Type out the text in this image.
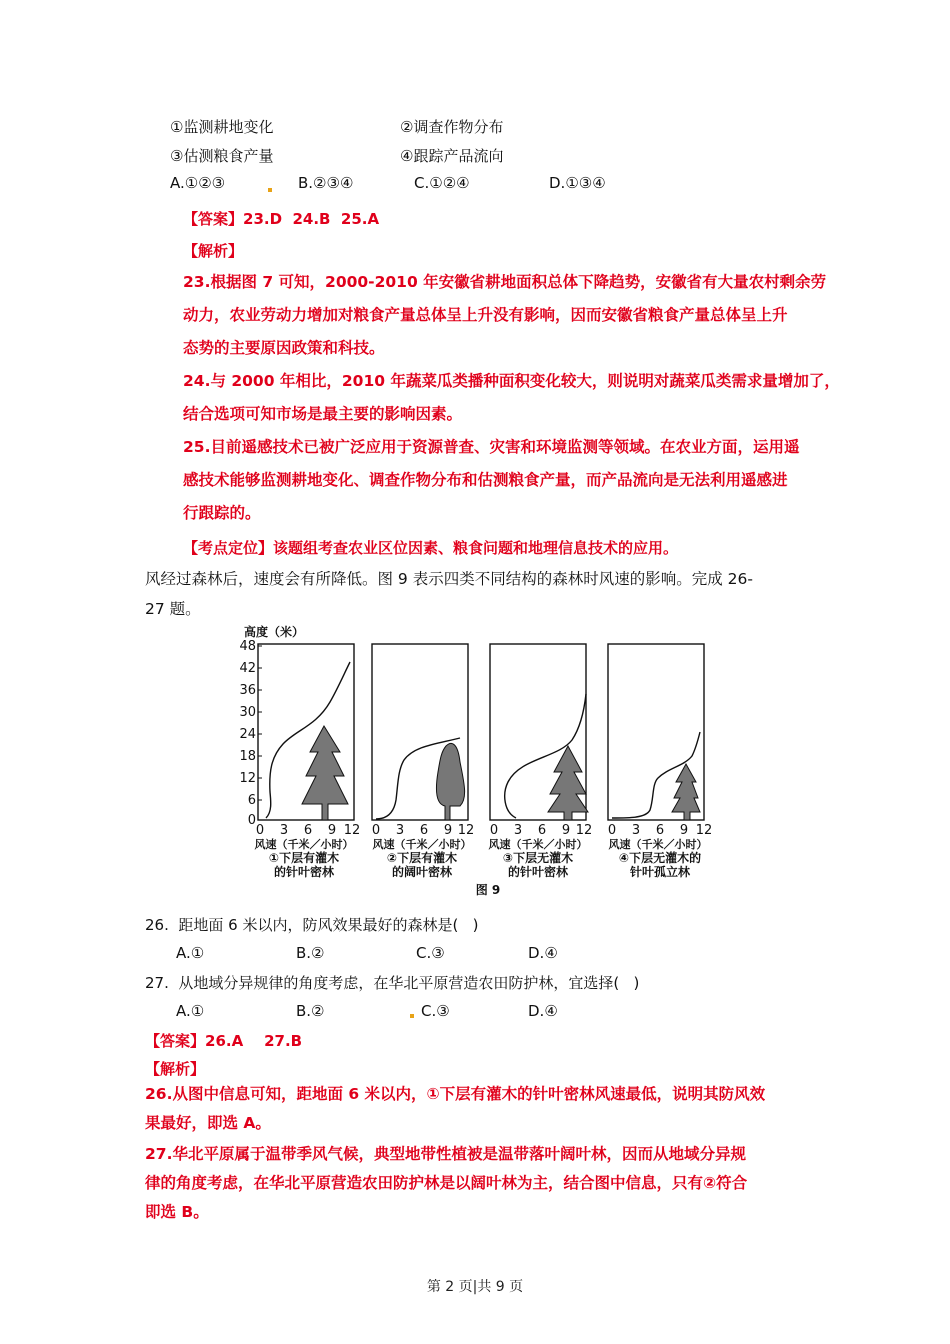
①监测耕地变化	②调查作物分布
③估测粮食产量	④跟踪产品流向
A.①②③	B.②③④	C.①②④	D.①③④
【答案】23.D  24.B  25.A
【解析】
23.根据图 7 可知，2000-2010 年安徽省耕地面积总体下降趋势，安徽省有大量农村剩余劳
动力，农业劳动力增加对粮食产量总体呈上升没有影响，因而安徽省粮食产量总体呈上升
态势的主要原因政策和科技。
24.与 2000 年相比，2010 年蔬菜瓜类播种面积变化较大，则说明对蔬菜瓜类需求量增加了，
结合选项可知市场是最主要的影响因素。
25.目前遥感技术已被广泛应用于资源普查、灾害和环境监测等领域。在农业方面，运用遥
感技术能够监测耕地变化、调查作物分布和估测粮食产量，而产品流向是无法利用遥感进
行跟踪的。
【考点定位】该题组考查农业区位因素、粮食问题和地理信息技术的应用。
风经过森林后，速度会有所降低。图 9 表示四类不同结构的森林时风速的影响。完成 26-
27 题。
高度（米）
48
42
36
30
24
18
12
6
0
0 3 6 9 12 0 3 6 9 12 0 3 6 9 12 0 3 6 9 12
风速（千米／小时） 风速（千米／小时） 风速（千米／小时） 风速（千米／小时）
①下层有灌木
的针叶密林
②下层有灌木
的阔叶密林
③下层无灌木
的针叶密林
④下层无灌木的
针叶孤立林
图 9
26.  距地面 6 米以内，防风效果最好的森林是(   )
A.①	B.②	C.③	D.④
27.  从地域分异规律的角度考虑，在华北平原营造农田防护林，宜选择(   )
A.①	B.②	C.③	D.④
【答案】26.A    27.B
【解析】
26.从图中信息可知，距地面 6 米以内，①下层有灌木的针叶密林风速最低，说明其防风效
果最好，即选 A。
27.华北平原属于温带季风气候，典型地带性植被是温带落叶阔叶林，因而从地域分异规
律的角度考虑，在华北平原营造农田防护林是以阔叶林为主，结合图中信息，只有②符合
即选 B。
第 2 页|共 9 页
